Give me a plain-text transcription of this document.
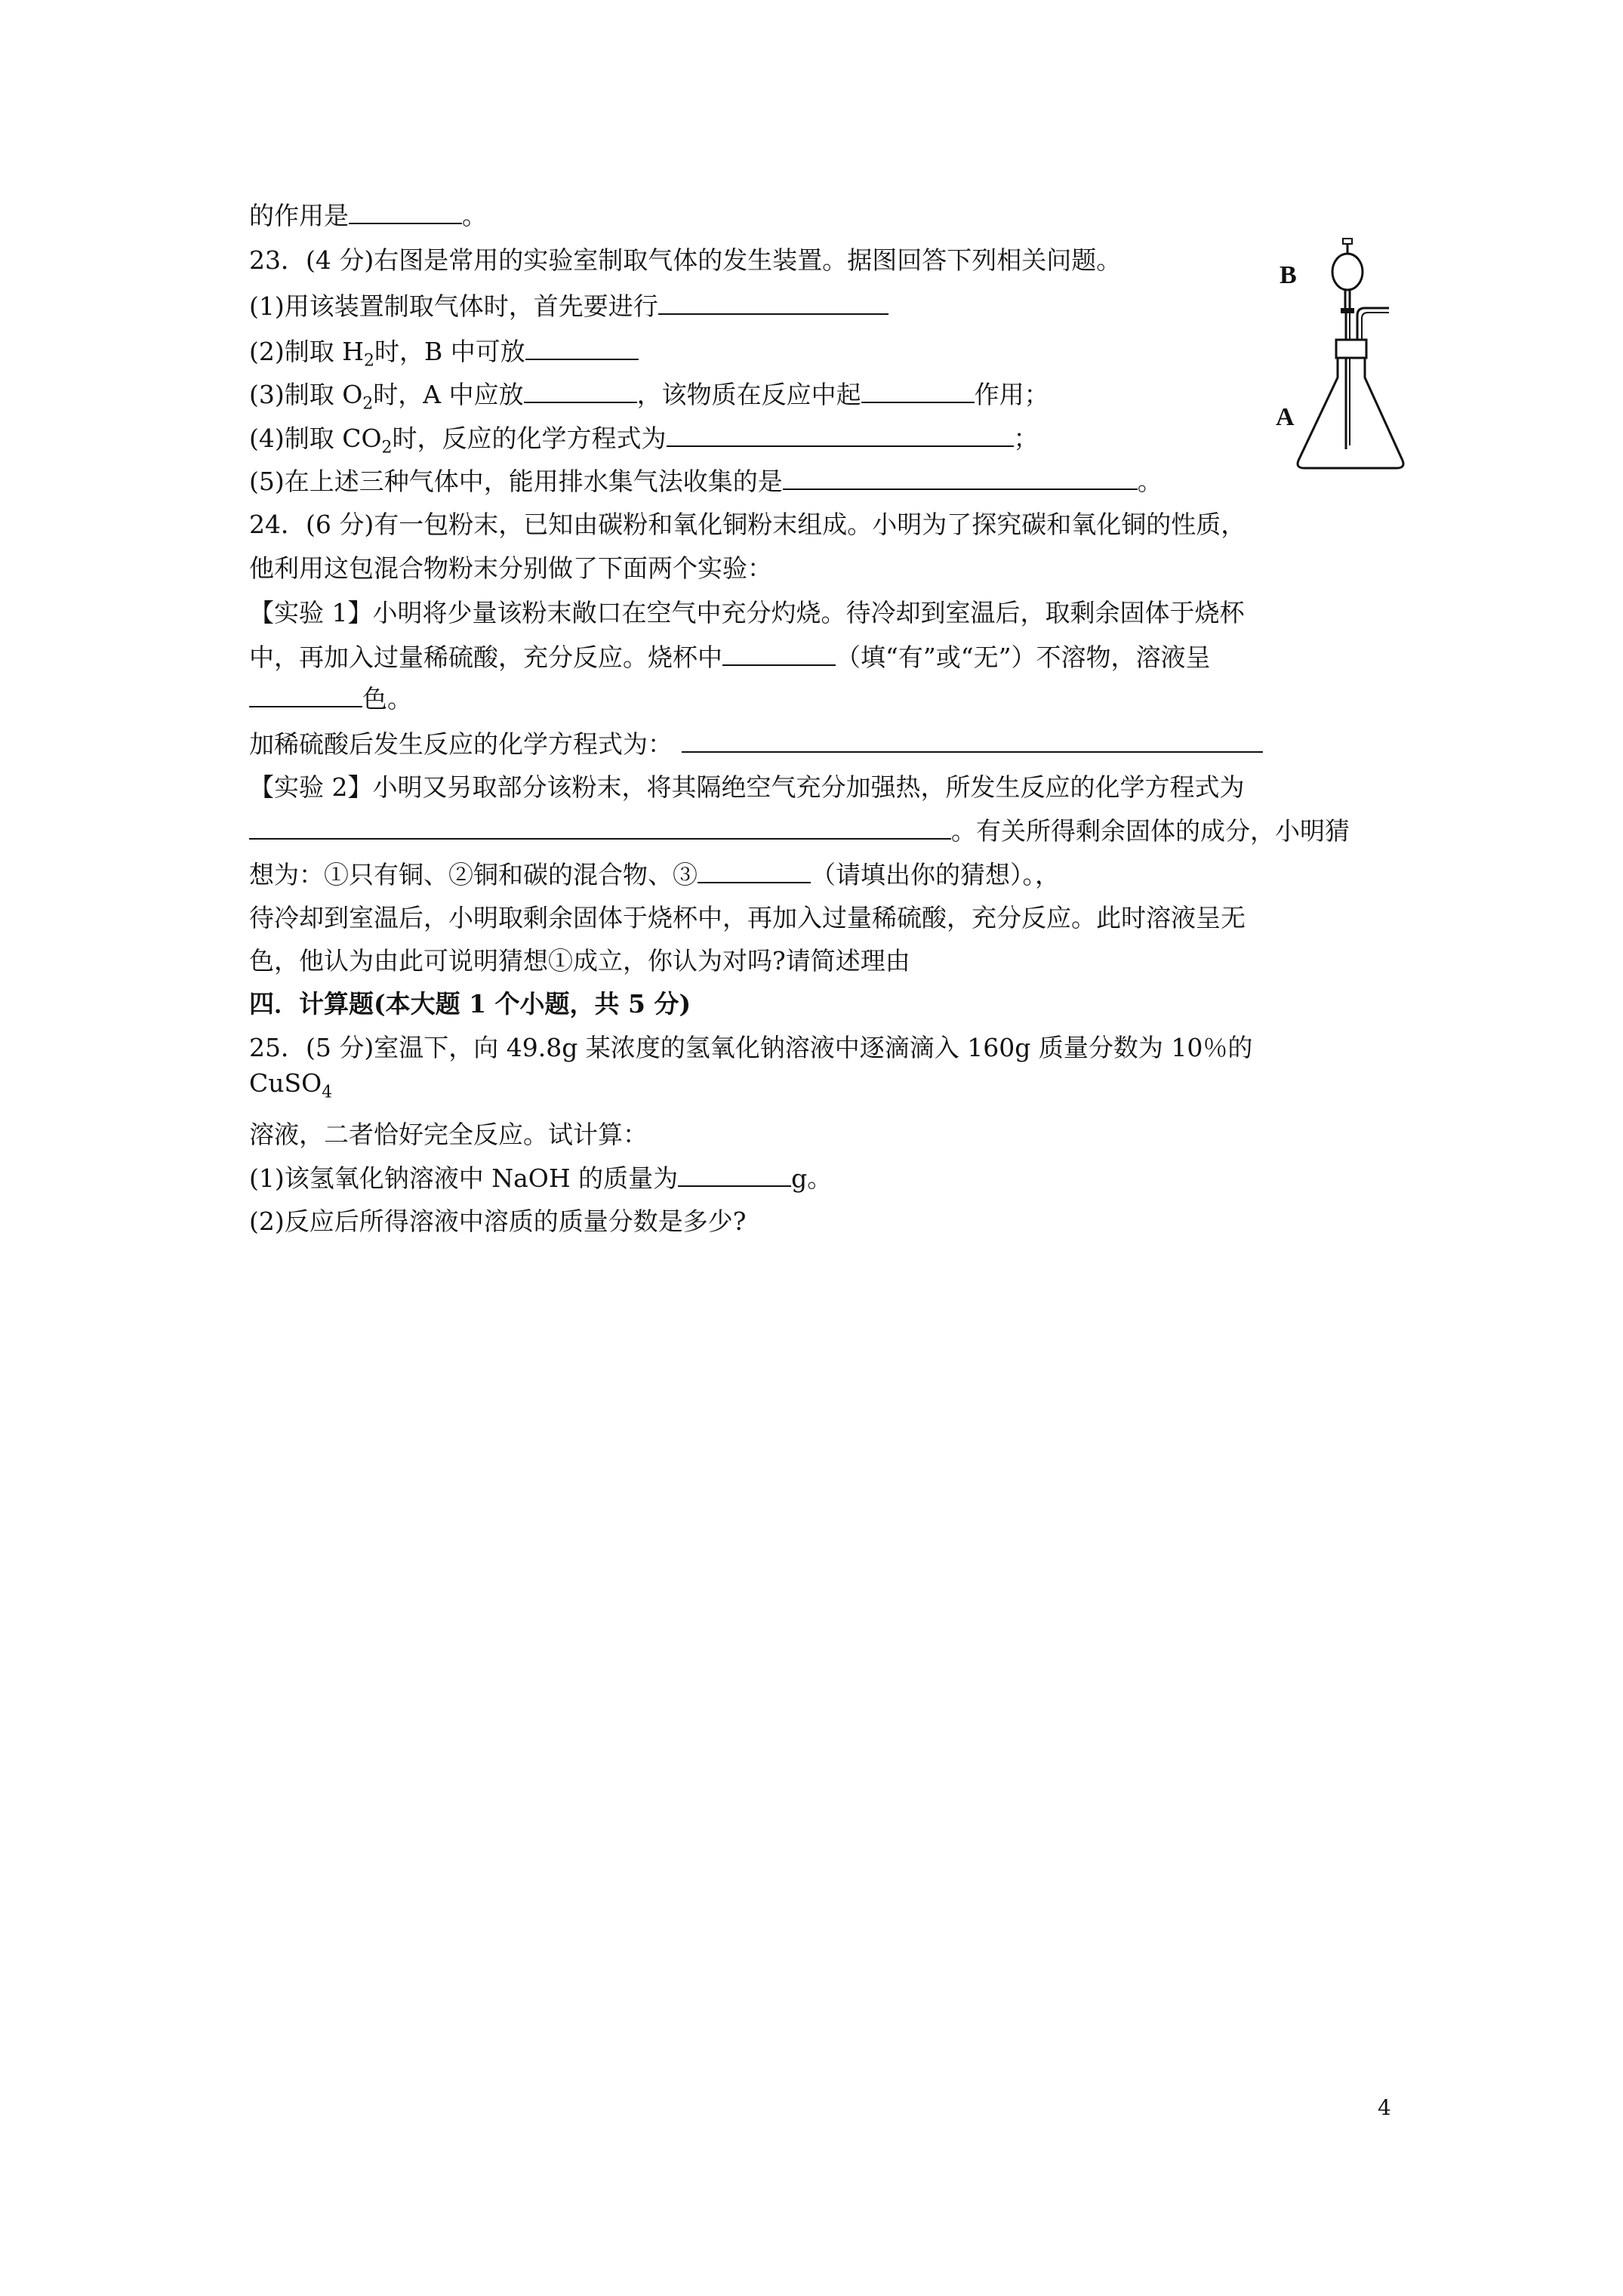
的作用是	。
23．(4 分)右图是常用的实验室制取气体的发生装置。据图回答下列相关问题。
(1)用该装置制取气体时，首先要进行
(2)制取 $H_2$时，B 中可放
(3)制取 $O_2$时，A 中应放	，该物质在反应中起	作用；
(4)制取 $CO_2$时，反应的化学方程式为	；
(5)在上述三种气体中，能用排水集气法收集的是	。
B
A
24．(6 分)有一包粉末，已知由碳粉和氧化铜粉末组成。小明为了探究碳和氧化铜的性质，
他利用这包混合物粉末分别做了下面两个实验：
【实验 1】小明将少量该粉末敞口在空气中充分灼烧。待冷却到室温后，取剩余固体于烧杯
中，再加入过量稀硫酸，充分反应。烧杯中	（填“有”或“无”）不溶物，溶液呈
色。
加稀硫酸后发生反应的化学方程式为：
【实验 2】小明又另取部分该粉末，将其隔绝空气充分加强热，所发生反应的化学方程式为
。有关所得剩余固体的成分，小明猜
想为：①只有铜、②铜和碳的混合物、③	（请填出你的猜想）。，
待冷却到室温后，小明取剩余固体于烧杯中，再加入过量稀硫酸，充分反应。此时溶液呈无
色，他认为由此可说明猜想①成立，你认为对吗?请简述理由
四．计算题(本大题 1 个小题，共 5 分)
25．(5 分)室温下，向 49.8g 某浓度的氢氧化钠溶液中逐滴滴入 160g 质量分数为 10％的
CuSO$_4$
溶液，二者恰好完全反应。试计算：
(1)该氢氧化钠溶液中 NaOH 的质量为	g。
(2)反应后所得溶液中溶质的质量分数是多少?
4
